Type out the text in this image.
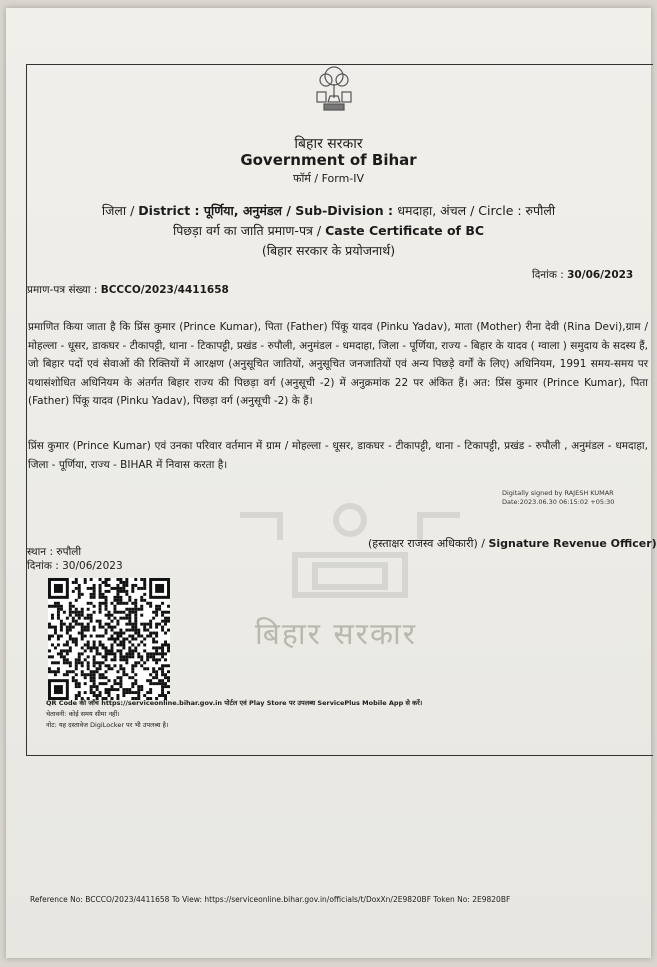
बिहार सरकार
Government of Bihar
फॉर्म / Form-IV
जिला / District : पूर्णिया, अनुमंडल / Sub-Division : धमदाहा, अंचल / Circle : रुपौली
पिछड़ा वर्ग का जाति प्रमाण-पत्र / Caste Certificate of BC
(बिहार सरकार के प्रयोजनार्थ)
प्रमाण-पत्र संख्या : BCCCO/2023/4411658
दिनांक : 30/06/2023
प्रमाणित किया जाता है कि प्रिंस कुमार (Prince Kumar), पिता (Father) पिंकू यादव (Pinku Yadav), माता (Mother) रीना देवी (Rina Devi),ग्राम / मोहल्ला - धूसर, डाकघर - टीकापट्टी, थाना - टिकापट्टी, प्रखंड - रुपौली, अनुमंडल - धमदाहा, जिला - पूर्णिया, राज्य - बिहार के यादव ( ग्वाला ) समुदाय के सदस्य हैं, जो बिहार पदों एवं सेवाओं की रिक्तियों में आरक्षण (अनुसूचित जातियों, अनुसूचित जनजातियों एवं अन्य पिछड़े वर्गों के लिए) अधिनियम, 1991 समय-समय पर यथासंशोधित अधिनियम के अंतर्गत बिहार राज्य की पिछड़ा वर्ग (अनुसूची -2) में अनुक्रमांक 22 पर अंकित हैं। अत: प्रिंस कुमार (Prince Kumar), पिता (Father) पिंकू यादव (Pinku Yadav), पिछड़ा वर्ग (अनुसूची -2) के हैं।
प्रिंस कुमार (Prince Kumar) एवं उनका परिवार वर्तमान में ग्राम / मोहल्ला - धूसर, डाकघर - टीकापट्टी, थाना - टिकापट्टी, प्रखंड - रुपौली , अनुमंडल - धमदाहा, जिला - पूर्णिया, राज्य - BIHAR में निवास करता है।
बिहार सरकार
Digitally signed by RAJESH KUMAR
Date:2023.06.30 06:15:02 +05:30
स्थान : रुपौली
दिनांक : 30/06/2023
(हस्ताक्षर राजस्व अधिकारी) / Signature Revenue Officer)
QR Code की जाँच https://serviceonline.bihar.gov.in पोर्टल एवं Play Store पर उपलब्ध ServicePlus Mobile App से करें।
चेतावनी: कोई समय सीमा नहीं।
नोट: यह दस्तावेज DigiLocker पर भी उपलब्ध है।
Reference No: BCCCO/2023/4411658 To View: https://serviceonline.bihar.gov.in/officials/t/DoxXn/2E9820BF Token No: 2E9820BF
